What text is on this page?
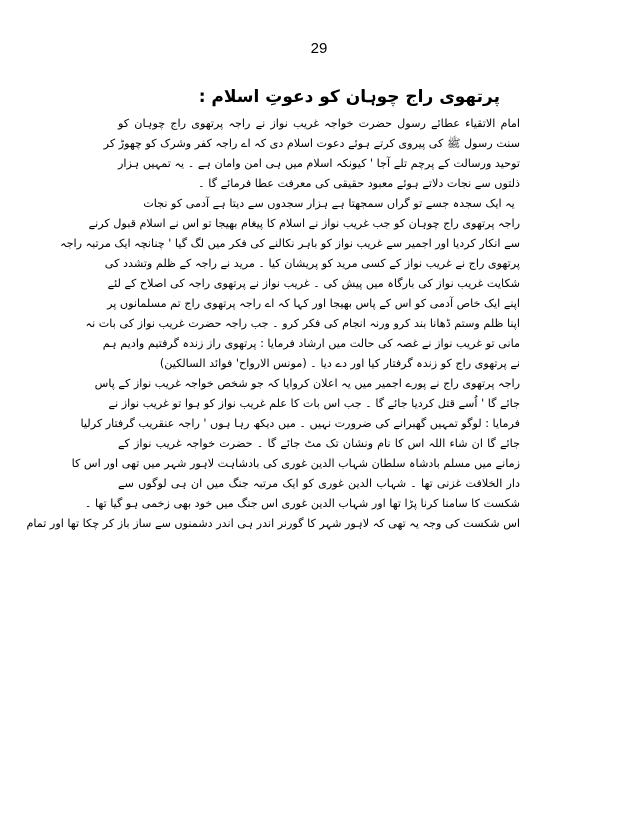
29
پرتھوی راج چوہان کو دعوتِ اسلام :
امام الاتقیاء عطائے رسول حضرت خواجہ غریب نواز نے راجہ پرتھوی راج چوہان کو
سنت رسول ﷺ کی پیروی کرتے ہوئے دعوت اسلام دی کہ اے راجہ کفر وشرک کو چھوڑ کر
توحید ورسالت کے پرچم تلے آجا ' کیونکہ اسلام میں ہی امن وامان ہے ۔ یہ تمہیں ہزار
ذلتوں سے نجات دلاتے ہوئے معبود حقیقی کی معرفت عطا فرمائے گا ۔
یہ ایک سجدہ جسے تو گراں سمجھتا ہے ہزار سجدوں سے دیتا ہے آدمی کو نجات
راجہ پرتھوی راج چوہان کو جب غریب نواز نے اسلام کا پیغام بھیجا تو اس نے اسلام قبول کرنے
سے انکار کردیا اور اجمیر سے غریب نواز کو باہر نکالنے کی فکر میں لگ گیا ' چنانچہ ایک مرتبہ راجہ
پرتھوی راج نے غریب نواز کے کسی مرید کو پریشان کیا ۔ مرید نے راجہ کے ظلم وتشدد کی
شکایت غریب نواز کی بارگاہ میں پیش کی ۔ غریب نواز نے پرتھوی راجہ کی اصلاح کے لئے
اپنے ایک خاص آدمی کو اس کے پاس بھیجا اور کہا کہ اے راجہ پرتھوی راج تم مسلمانوں پر
اپنا ظلم وستم ڈھانا بند کرو ورنہ انجام کی فکر کرو ۔ جب راجہ حضرت غریب نواز کی بات نہ
مانی تو غریب نواز نے غصہ کی حالت میں ارشاد فرمایا : پرتھوی راز زندہ گرفتیم وادیم ہم
نے پرتھوی راج کو زندہ گرفتار کیا اور دے دیا ۔ (مونس الارواح' فوائد السالکین)
راجہ پرتھوی راج نے پورے اجمیر میں یہ اعلان کروایا کہ جو شخص خواجہ غریب نواز کے پاس
جائے گا ' اُسے قتل کردیا جائے گا ۔ جب اس بات کا علم غریب نواز کو ہوا تو غریب نواز نے
فرمایا : لوگو تمہیں گھبرانے کی ضرورت نہیں ۔ میں دیکھ رہا ہوں ' راجہ عنقریب گرفتار کرلیا
جائے گا ان شاء اللہ اس کا نام ونشان تک مٹ جائے گا ۔ حضرت خواجہ غریب نواز کے
زمانے میں مسلم بادشاہ سلطان شہاب الدین غوری کی بادشاہت لاہور شہر میں تھی اور اس کا
دار الخلافت غزنی تھا ۔ شہاب الدین غوری کو ایک مرتبہ جنگ میں ان ہی لوگوں سے
شکست کا سامنا کرنا پڑا تھا اور شہاب الدین غوری اس جنگ میں خود بھی زخمی ہو گیا تھا ۔
اس شکست کی وجہ یہ تھی کہ لاہور شہر کا گورنر اندر ہی اندر دشمنوں سے ساز باز کر چکا تھا اور تمام
